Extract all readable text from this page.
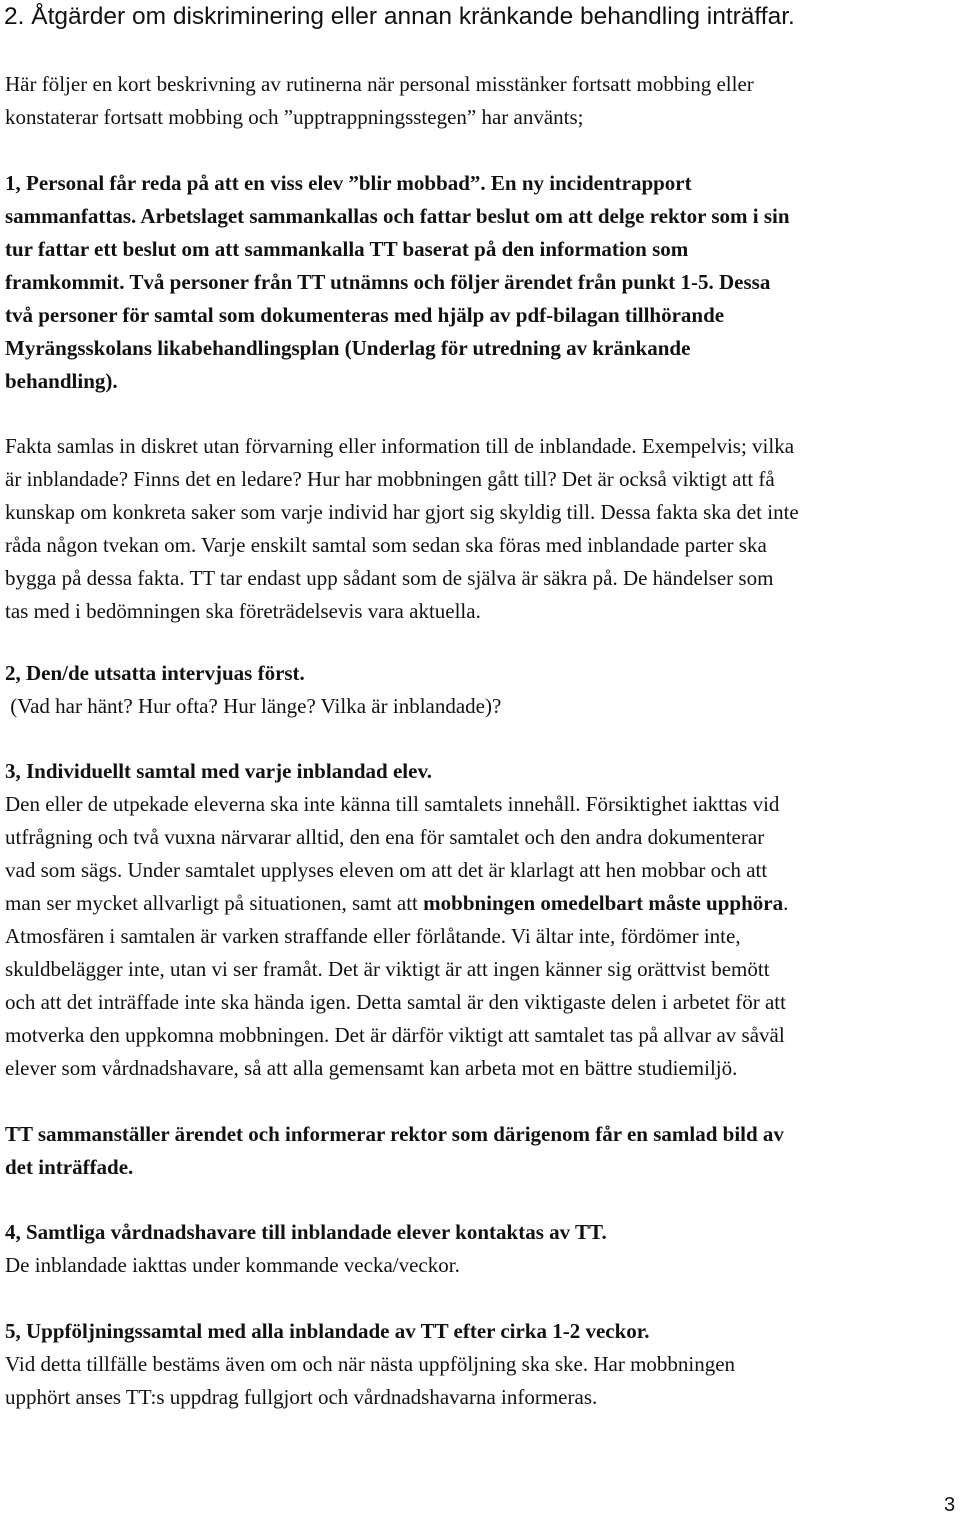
2. Åtgärder om diskriminering eller annan kränkande behandling inträffar.
Här följer en kort beskrivning av rutinerna när personal misstänker fortsatt mobbing eller
konstaterar fortsatt mobbing och ”upptrappningsstegen” har använts;
1, Personal får reda på att en viss elev ”blir mobbad”. En ny incidentrapport
sammanfattas. Arbetslaget sammankallas och fattar beslut om att delge rektor som i sin
tur fattar ett beslut om att sammankalla TT baserat på den information som
framkommit. Två personer från TT utnämns och följer ärendet från punkt 1-5. Dessa
två personer för samtal som dokumenteras med hjälp av pdf-bilagan tillhörande
Myrängsskolans likabehandlingsplan (Underlag för utredning av kränkande
behandling).
Fakta samlas in diskret utan förvarning eller information till de inblandade. Exempelvis; vilka
är inblandade? Finns det en ledare? Hur har mobbningen gått till? Det är också viktigt att få
kunskap om konkreta saker som varje individ har gjort sig skyldig till. Dessa fakta ska det inte
råda någon tvekan om. Varje enskilt samtal som sedan ska föras med inblandade parter ska
bygga på dessa fakta. TT tar endast upp sådant som de själva är säkra på. De händelser som
tas med i bedömningen ska företrädelsevis vara aktuella.
2, Den/de utsatta intervjuas först.
(Vad har hänt? Hur ofta? Hur länge? Vilka är inblandade)?
3, Individuellt samtal med varje inblandad elev.
Den eller de utpekade eleverna ska inte känna till samtalets innehåll. Försiktighet iakttas vid
utfrågning och två vuxna närvarar alltid, den ena för samtalet och den andra dokumenterar
vad som sägs. Under samtalet upplyses eleven om att det är klarlagt att hen mobbar och att
man ser mycket allvarligt på situationen, samt att mobbningen omedelbart måste upphöra.
Atmosfären i samtalen är varken straffande eller förlåtande. Vi ältar inte, fördömer inte,
skuldbelägger inte, utan vi ser framåt. Det är viktigt är att ingen känner sig orättvist bemött
och att det inträffade inte ska hända igen. Detta samtal är den viktigaste delen i arbetet för att
motverka den uppkomna mobbningen. Det är därför viktigt att samtalet tas på allvar av såväl
elever som vårdnadshavare, så att alla gemensamt kan arbeta mot en bättre studiemiljö.
TT sammanställer ärendet och informerar rektor som därigenom får en samlad bild av
det inträffade.
4, Samtliga vårdnadshavare till inblandade elever kontaktas av TT.
De inblandade iakttas under kommande vecka/veckor.
5, Uppföljningssamtal med alla inblandade av TT efter cirka 1-2 veckor.
Vid detta tillfälle bestäms även om och när nästa uppföljning ska ske. Har mobbningen
upphört anses TT:s uppdrag fullgjort och vårdnadshavarna informeras.
3
